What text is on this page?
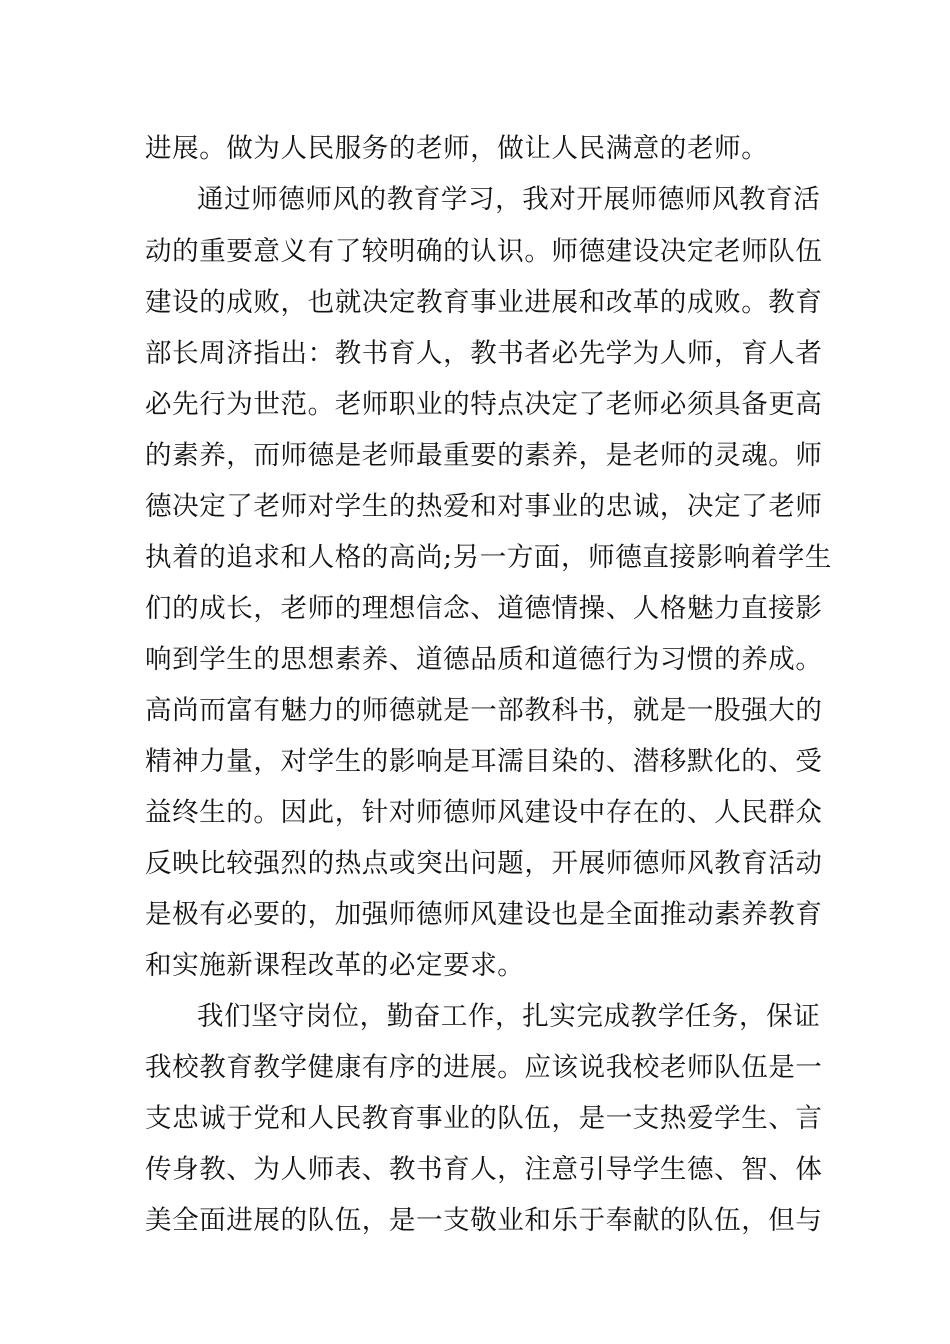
进展。做为人民服务的老师，做让人民满意的老师。
通过师德师风的教育学习，我对开展师德师风教育活
动的重要意义有了较明确的认识。师德建设决定老师队伍
建设的成败，也就决定教育事业进展和改革的成败。教育
部长周济指出：教书育人，教书者必先学为人师，育人者
必先行为世范。老师职业的特点决定了老师必须具备更高
的素养，而师德是老师最重要的素养，是老师的灵魂。师
德决定了老师对学生的热爱和对事业的忠诚，决定了老师
执着的追求和人格的高尚;另一方面，师德直接影响着学生
们的成长，老师的理想信念、道德情操、人格魅力直接影
响到学生的思想素养、道德品质和道德行为习惯的养成。
高尚而富有魅力的师德就是一部教科书，就是一股强大的
精神力量，对学生的影响是耳濡目染的、潜移默化的、受
益终生的。因此，针对师德师风建设中存在的、人民群众
反映比较强烈的热点或突出问题，开展师德师风教育活动
是极有必要的，加强师德师风建设也是全面推动素养教育
和实施新课程改革的必定要求。
我们坚守岗位，勤奋工作，扎实完成教学任务，保证
我校教育教学健康有序的进展。应该说我校老师队伍是一
支忠诚于党和人民教育事业的队伍，是一支热爱学生、言
传身教、为人师表、教书育人，注意引导学生德、智、体
美全面进展的队伍，是一支敬业和乐于奉献的队伍，但与
